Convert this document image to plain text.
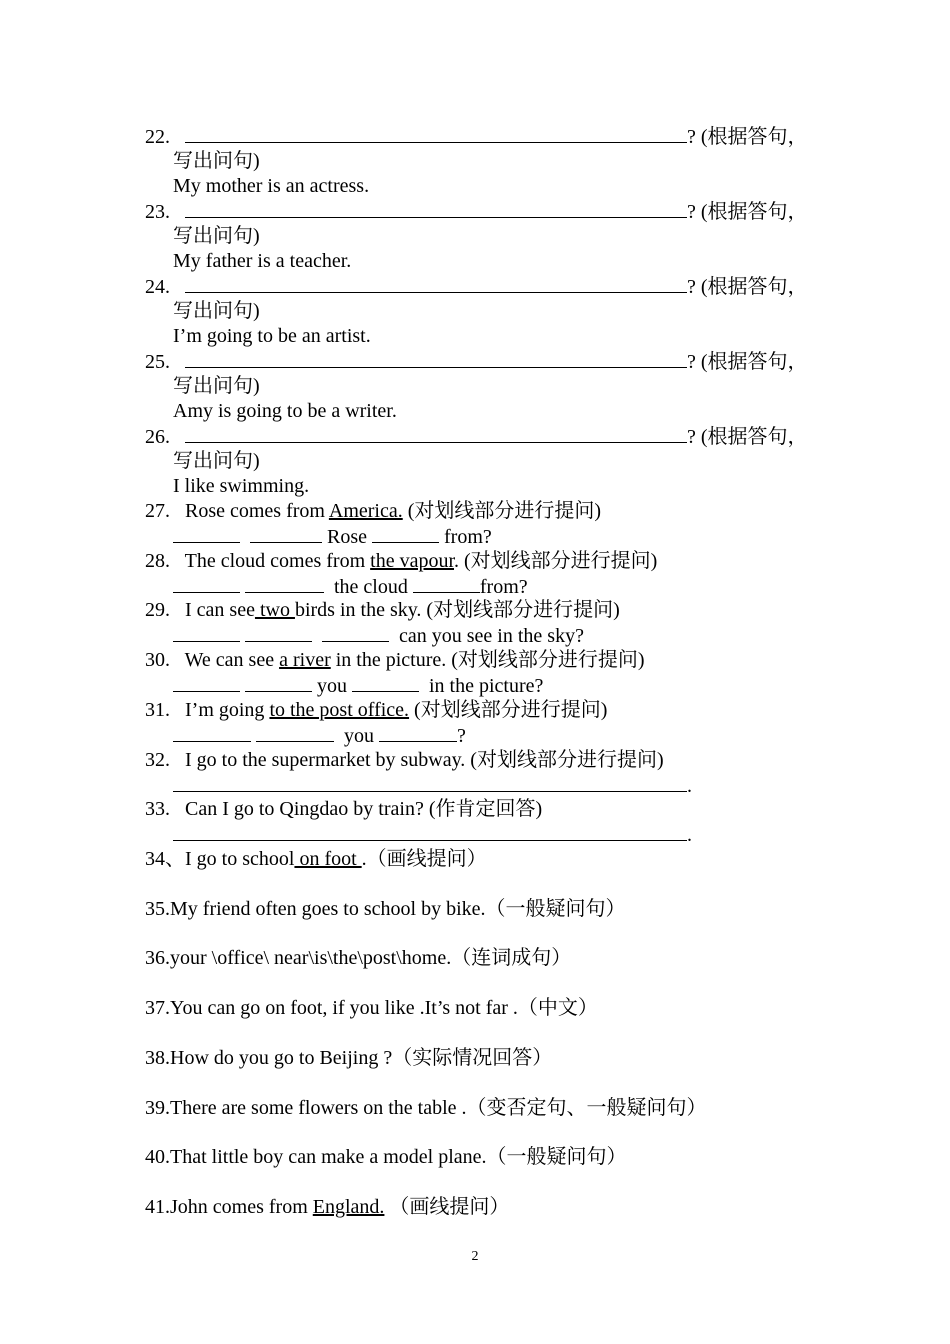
22.	? (根据答句，
写出问句)
My mother is an actress.
23.	? (根据答句，
写出问句)
My father is a teacher.
24.	? (根据答句，
写出问句)
I’m going to be an artist.
25.	? (根据答句，
写出问句)
Amy is going to be a writer.
26.	? (根据答句，
写出问句)
I like swimming.
27. Rose comes from America. (对划线部分进行提问)
Rose	from?
28. The cloud comes from the vapour. (对划线部分进行提问)
the cloud	from?
29. I can see two birds in the sky. (对划线部分进行提问)
can you see in the sky?
30. We can see a river in the picture. (对划线部分进行提问)
you	in the picture?
31. I’m going to the post office. (对划线部分进行提问)
you	?
32. I go to the supermarket by subway. (对划线部分进行提问)
.
33. Can I go to Qingdao by train? (作肯定回答)
.
34、I go to school on foot .（画线提问）
35.My friend often goes to school by bike.（一般疑问句）
36.your \office\ near\is\the\post\home.（连词成句）
37.You can go on foot, if you like .It’s not far .（中文）
38.How do you go to Beijing ?（实际情况回答）
39.There are some flowers on the table .（变否定句、一般疑问句）
40.That little boy can make a model plane.（一般疑问句）
41.John comes from England. （画线提问）
2
